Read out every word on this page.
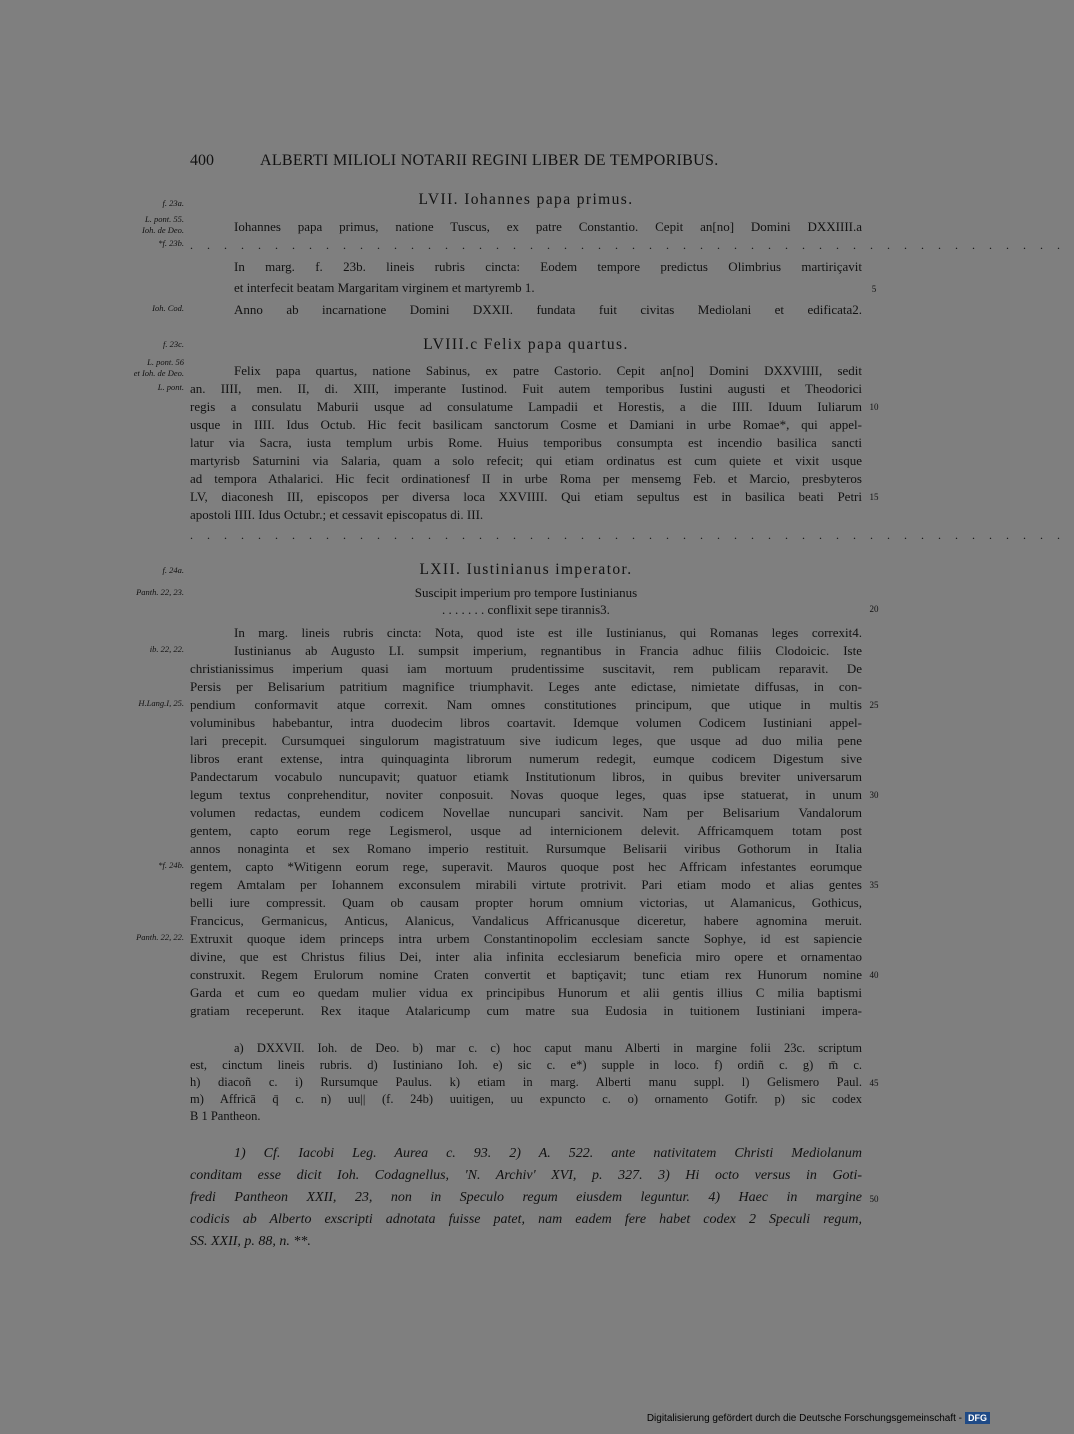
400	ALBERTI MILIOLI NOTARII REGINI LIBER DE TEMPORIBUS.
LVII. Iohannes papa primus.
Iohannes papa primus, natione Tuscus, ex patre Constantio. Cepit an[no] Domini DXXIIII.a
....................................................
In marg. f. 23b. lineis rubris cincta: Eodem tempore predictus Olimbrius martiriçavit
et interfecit beatam Margaritam virginem et martyremb 1.
Anno ab incarnatione Domini DXXII. fundata fuit civitas Mediolani et edificata2.
LVIII.c Felix papa quartus.
Felix papa quartus, natione Sabinus, ex patre Castorio. Cepit an[no] Domini DXXVIIII, sedit
an. IIII, men. II, di. XIII, imperante Iustinod. Fuit autem temporibus Iustini augusti et Theodorici
regis a consulatu Maburii usque ad consulatume Lampadii et Horestis, a die IIII. Iduum Iuliarum
usque in IIII. Idus Octub. Hic fecit basilicam sanctorum Cosme et Damiani in urbe Romae*, qui appel-
latur via Sacra, iusta templum urbis Rome. Huius temporibus consumpta est incendio basilica sancti
martyrisb Saturnini via Salaria, quam a solo refecit; qui etiam ordinatus est cum quiete et vixit usque
ad tempora Athalarici. Hic fecit ordinationesf II in urbe Roma per mensemg Feb. et Marcio, presbyteros
LV, diaconesh III, episcopos per diversa loca XXVIIII. Qui etiam sepultus est in basilica beati Petri
apostoli IIII. Idus Octubr.; et cessavit episcopatus di. III.
....................................................
LXII. Iustinianus imperator.
Suscipit imperium pro tempore Iustinianus
. . . . . . . conflixit sepe tirannis3.
In marg. lineis rubris cincta: Nota, quod iste est ille Iustinianus, qui Romanas leges correxit4.
Iustinianus ab Augusto LI. sumpsit imperium, regnantibus in Francia adhuc filiis Clodoicic. Iste
christianissimus imperium quasi iam mortuum prudentissime suscitavit, rem publicam reparavit. De
Persis per Belisarium patritium magnifice triumphavit. Leges ante edictase, nimietate diffusas, in con-
pendium conformavit atque correxit. Nam omnes constitutiones principum, que utique in multis
voluminibus habebantur, intra duodecim libros coartavit. Idemque volumen Codicem Iustiniani appel-
lari precepit. Cursumquei singulorum magistratuum sive iudicum leges, que usque ad duo milia pene
libros erant extense, intra quinquaginta librorum numerum redegit, eumque codicem Digestum sive
Pandectarum vocabulo nuncupavit; quatuor etiamk Institutionum libros, in quibus breviter universarum
legum textus conprehenditur, noviter conposuit. Novas quoque leges, quas ipse statuerat, in unum
volumen redactas, eundem codicem Novellae nuncupari sancivit. Nam per Belisarium Vandalorum
gentem, capto eorum rege Legismerol, usque ad internicionem delevit. Affricamquem totam post
annos nonaginta et sex Romano imperio restituit. Rursumque Belisarii viribus Gothorum in Italia
gentem, capto *Witigenn eorum rege, superavit. Mauros quoque post hec Affricam infestantes eorumque
regem Amtalam per Iohannem exconsulem mirabili virtute protrivit. Pari etiam modo et alias gentes
belli iure compressit. Quam ob causam propter horum omnium victorias, ut Alamanicus, Gothicus,
Francicus, Germanicus, Anticus, Alanicus, Vandalicus Affricanusque diceretur, habere agnomina meruit.
Extruxit quoque idem princeps intra urbem Constantinopolim ecclesiam sancte Sophye, id est sapiencie
divine, que est Christus filius Dei, inter alia infinita ecclesiarum beneficia miro opere et ornamentao
construxit. Regem Erulorum nomine Craten convertit et baptiçavit; tunc etiam rex Hunorum nomine
Garda et cum eo quedam mulier vidua ex principibus Hunorum et alii gentis illius C milia baptismi
gratiam receperunt. Rex itaque Atalaricump cum matre sua Eudosia in tuitionem Iustiniani impera-
a) DXXVII. Ioh. de Deo. b) mar c. c) hoc caput manu Alberti in margine folii 23c. scriptum
est, cinctum lineis rubris. d) Iustiniano Ioh. e) sic c. e*) supple in loco. f) ordiñ c. g) m̄ c.
h) diacoñ c. i) Rursumque Paulus. k) etiam in marg. Alberti manu suppl. l) Gelismero Paul.
m) Affricā q̄ c. n) uu|| (f. 24b) uuitigen, uu expuncto c. o) ornamento Gotifr. p) sic codex
B 1 Pantheon.
1) Cf. Iacobi Leg. Aurea c. 93. 2) A. 522. ante nativitatem Christi Mediolanum
conditam esse dicit Ioh. Codagnellus, 'N. Archiv' XVI, p. 327. 3) Hi octo versus in Goti-
fredi Pantheon XXII, 23, non in Speculo regum eiusdem leguntur. 4) Haec in margine
codicis ab Alberto exscripti adnotata fuisse patet, nam eadem fere habet codex 2 Speculi regum,
SS. XXII, p. 88, n. **.
f. 23a.
L. pont. 55.
Ioh. de Deo.
*f. 23b.
Ioh. Cod.
f. 23c.
L. pont. 56
et Ioh. de Deo.
L. pont.
f. 24a.
Panth. 22, 23.
ib. 22, 22.
H.Lang.I, 25.
*f. 24b.
Panth. 22, 22.
5
10
15
20
25
30
35
40
45
50
Digitalisierung gefördert durch die Deutsche Forschungsgemeinschaft - DFG
